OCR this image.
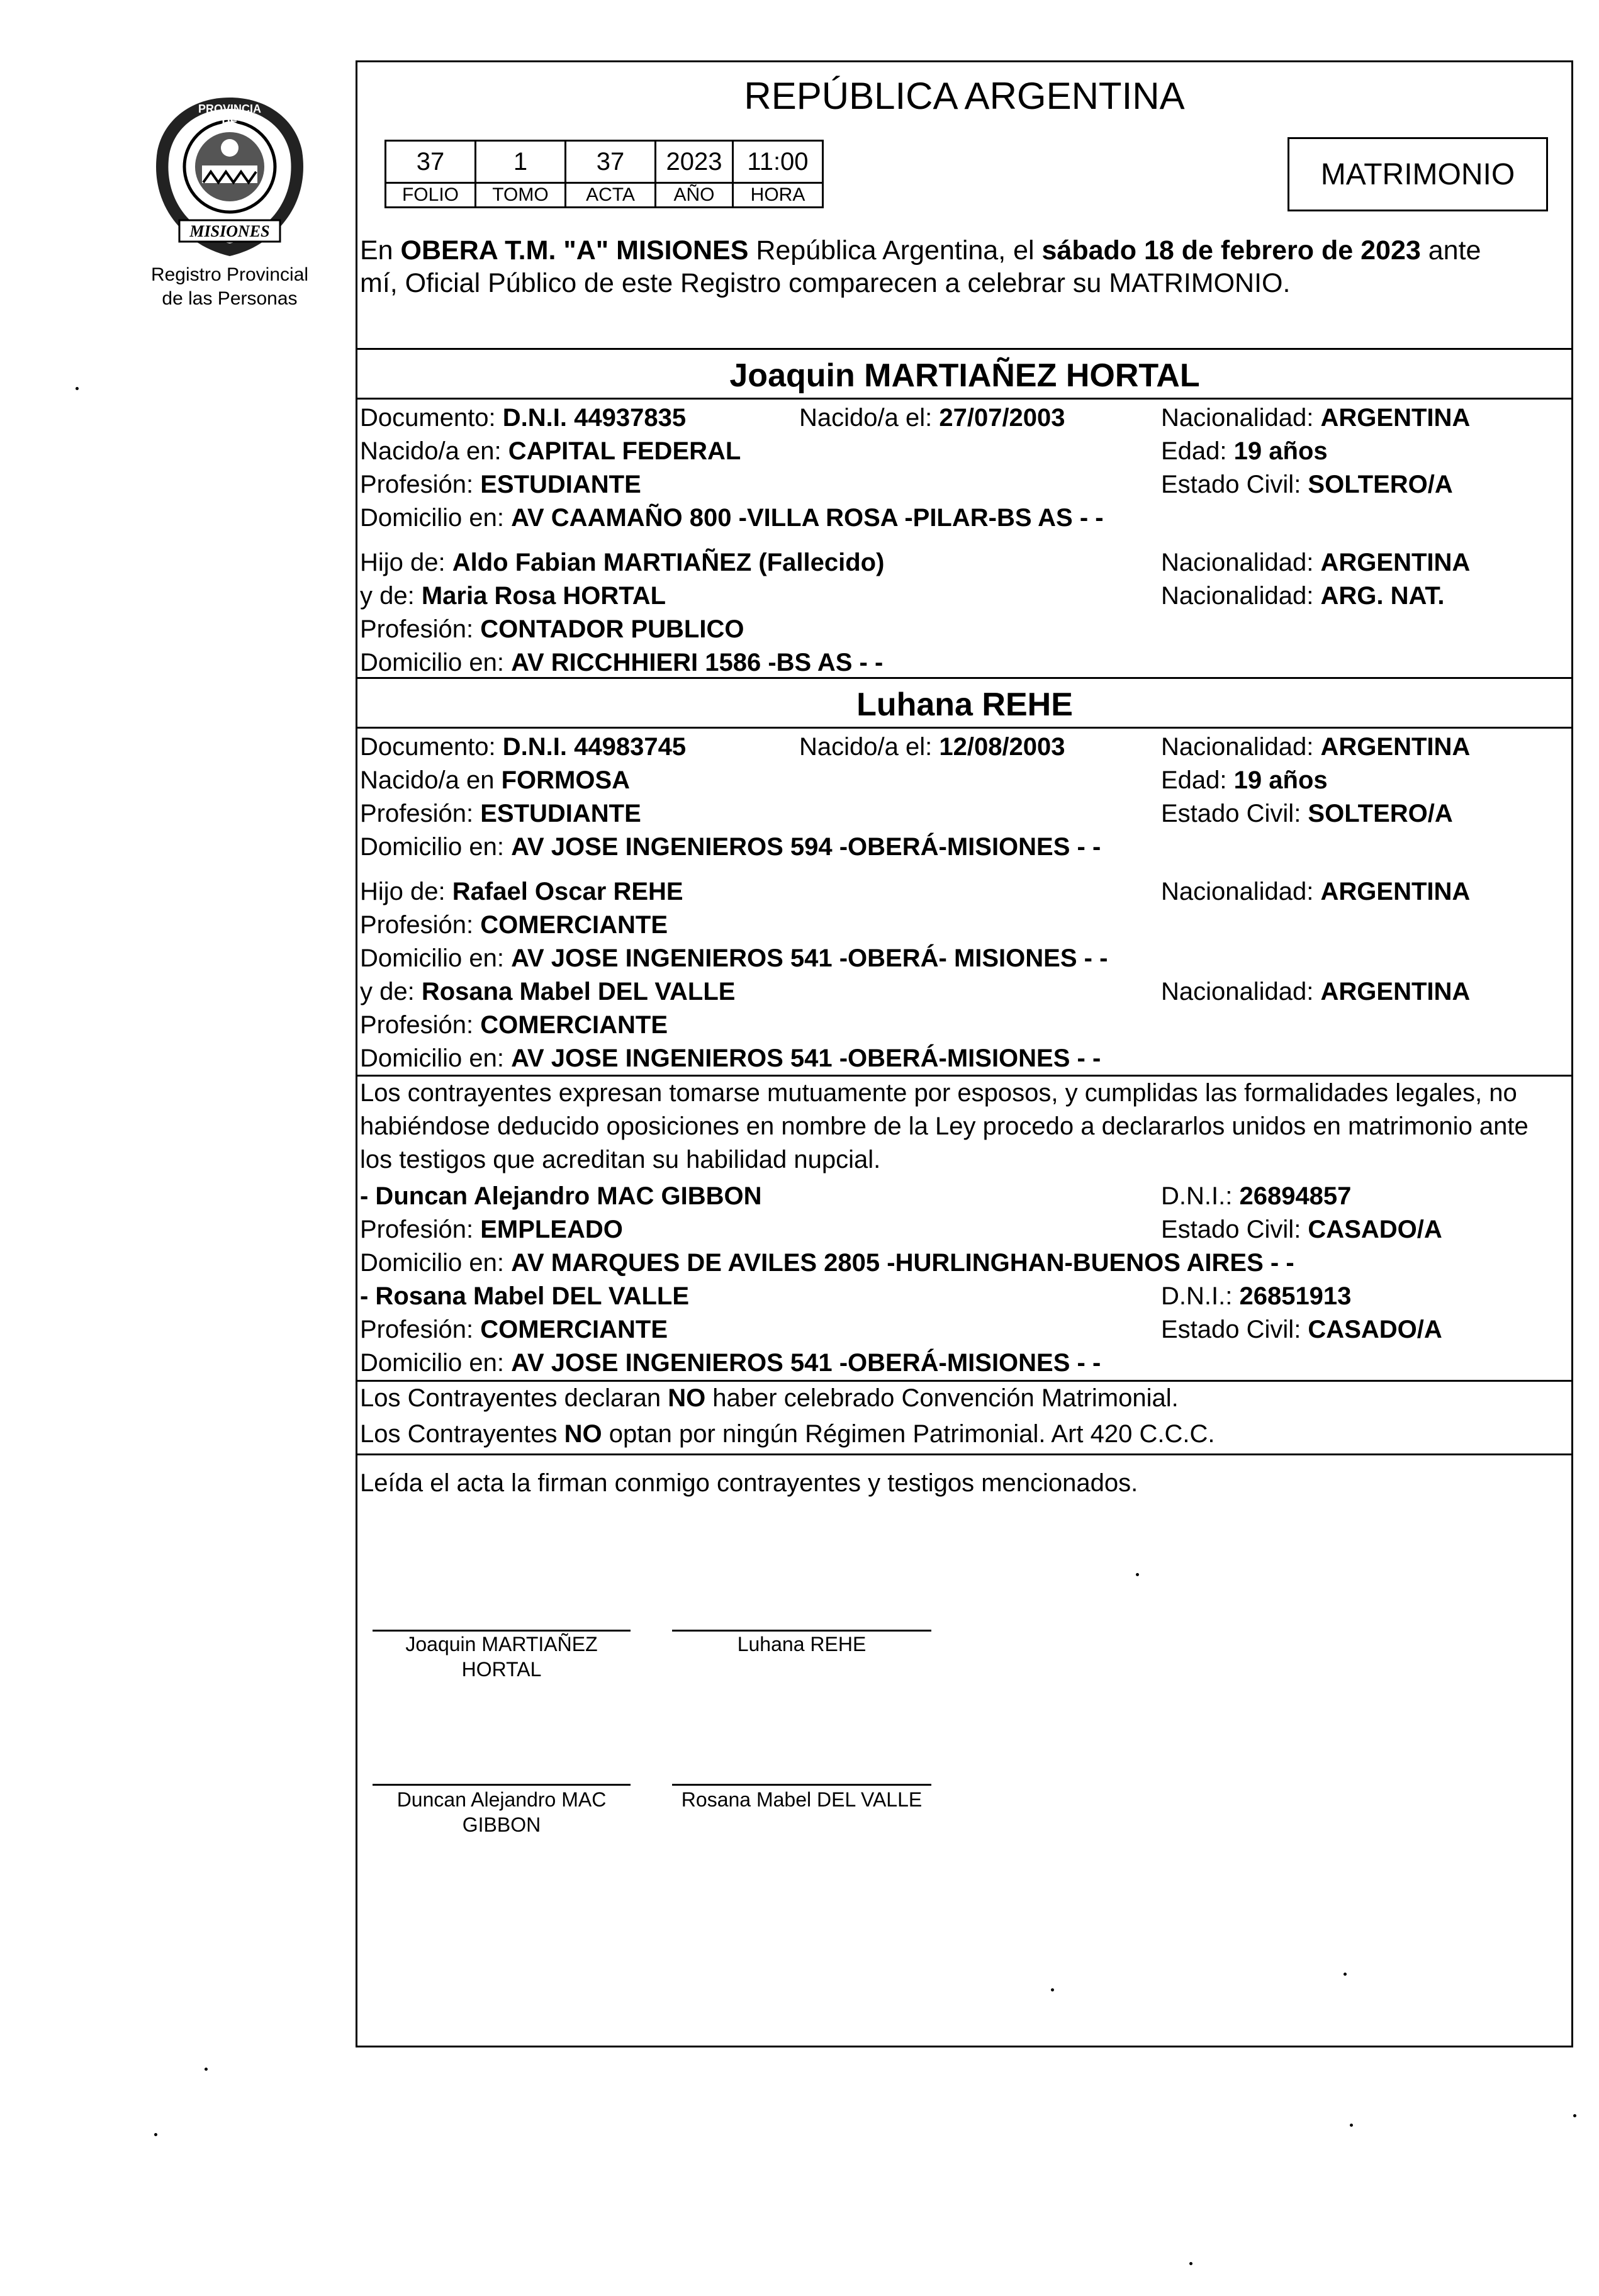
PROVINCIA DE
MISIONES
Registro Provincial
de las Personas
REPÚBLICA ARGENTINA
37	1	37	2023	11:00
FOLIO	TOMO	ACTA	AÑO	HORA
MATRIMONIO
En OBERA T.M. "A" MISIONES República Argentina, el sábado 18 de febrero de 2023 ante
mí, Oficial Público de este Registro comparecen a celebrar su MATRIMONIO.
Joaquin MARTIAÑEZ HORTAL
Documento: D.N.I. 44937835	Nacido/a el: 27/07/2003	Nacionalidad: ARGENTINA
Nacido/a en: CAPITAL FEDERAL	Edad: 19 años
Profesión: ESTUDIANTE	Estado Civil: SOLTERO/A
Domicilio en: AV CAAMAÑO 800 -VILLA ROSA -PILAR-BS AS - -
Hijo de: Aldo Fabian MARTIAÑEZ (Fallecido)	Nacionalidad: ARGENTINA
y de: Maria Rosa HORTAL	Nacionalidad: ARG. NAT.
Profesión: CONTADOR PUBLICO
Domicilio en: AV RICCHHIERI 1586 -BS AS - -
Luhana REHE
Documento: D.N.I. 44983745	Nacido/a el: 12/08/2003	Nacionalidad: ARGENTINA
Nacido/a en FORMOSA	Edad: 19 años
Profesión: ESTUDIANTE	Estado Civil: SOLTERO/A
Domicilio en: AV JOSE INGENIEROS 594 -OBERÁ-MISIONES - -
Hijo de: Rafael Oscar REHE	Nacionalidad: ARGENTINA
Profesión: COMERCIANTE
Domicilio en: AV JOSE INGENIEROS 541 -OBERÁ- MISIONES - -
y de: Rosana Mabel DEL VALLE	Nacionalidad: ARGENTINA
Profesión: COMERCIANTE
Domicilio en: AV JOSE INGENIEROS 541 -OBERÁ-MISIONES - -
Los contrayentes expresan tomarse mutuamente por esposos, y cumplidas las formalidades legales, no
habiéndose deducido oposiciones en nombre de la Ley procedo a declararlos unidos en matrimonio ante
los testigos que acreditan su habilidad nupcial.
- Duncan Alejandro MAC GIBBON	D.N.I.: 26894857
Profesión: EMPLEADO	Estado Civil: CASADO/A
Domicilio en: AV MARQUES DE AVILES 2805 -HURLINGHAN-BUENOS AIRES - -
- Rosana Mabel DEL VALLE	D.N.I.: 26851913
Profesión: COMERCIANTE	Estado Civil: CASADO/A
Domicilio en: AV JOSE INGENIEROS 541 -OBERÁ-MISIONES - -
Los Contrayentes declaran NO haber celebrado Convención Matrimonial.
Los Contrayentes NO optan por ningún Régimen Patrimonial. Art 420 C.C.C.
Leída el acta la firman conmigo contrayentes y testigos mencionados.
Joaquin MARTIAÑEZ
HORTAL
Luhana REHE
Duncan Alejandro MAC
GIBBON
Rosana Mabel DEL VALLE
